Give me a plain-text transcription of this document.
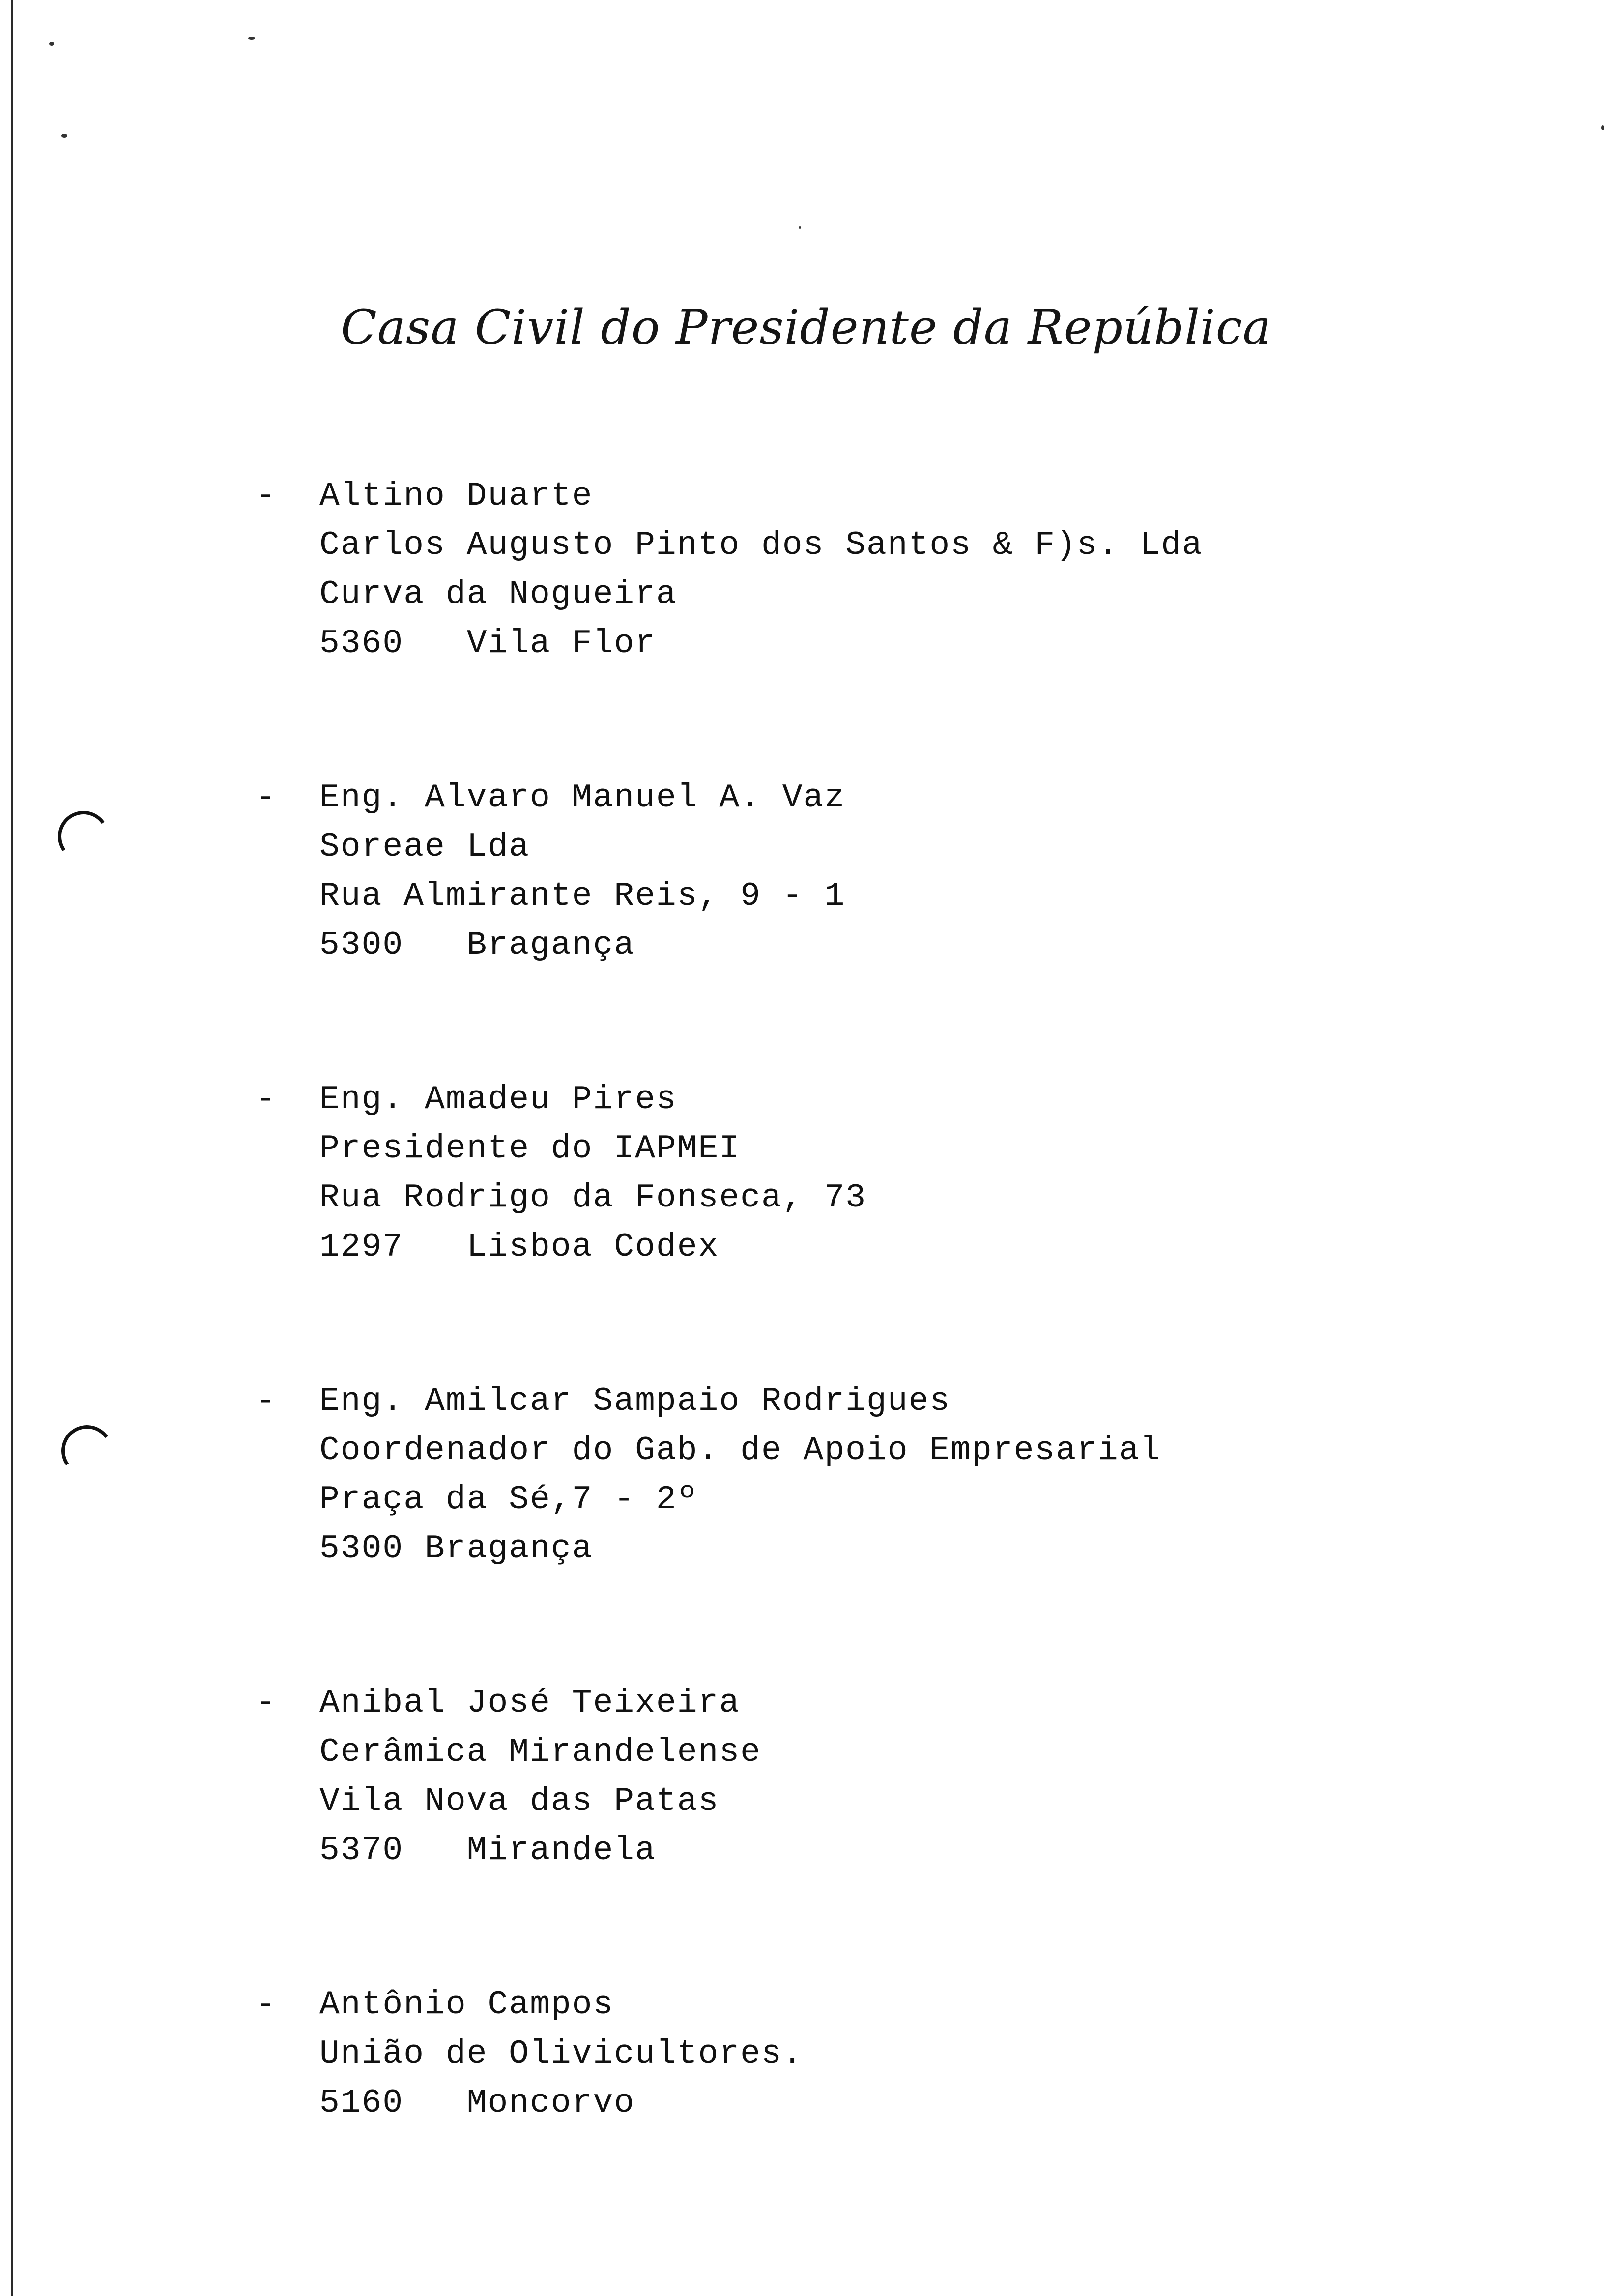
Casa Civil do Presidente da República
- Altino Duarte
Carlos Augusto Pinto dos Santos & F)s. Lda
Curva da Nogueira
5360   Vila Flor
- Eng. Alvaro Manuel A. Vaz
Soreae Lda
Rua Almirante Reis, 9 - 1
5300   Bragança
- Eng. Amadeu Pires
Presidente do IAPMEI
Rua Rodrigo da Fonseca, 73
1297   Lisboa Codex
- Eng. Amilcar Sampaio Rodrigues
Coordenador do Gab. de Apoio Empresarial
Praça da Sé,7 - 2º
5300 Bragança
- Anibal José Teixeira
Cerâmica Mirandelense
Vila Nova das Patas
5370   Mirandela
- Antônio Campos
União de Olivicultores.
5160   Moncorvo
